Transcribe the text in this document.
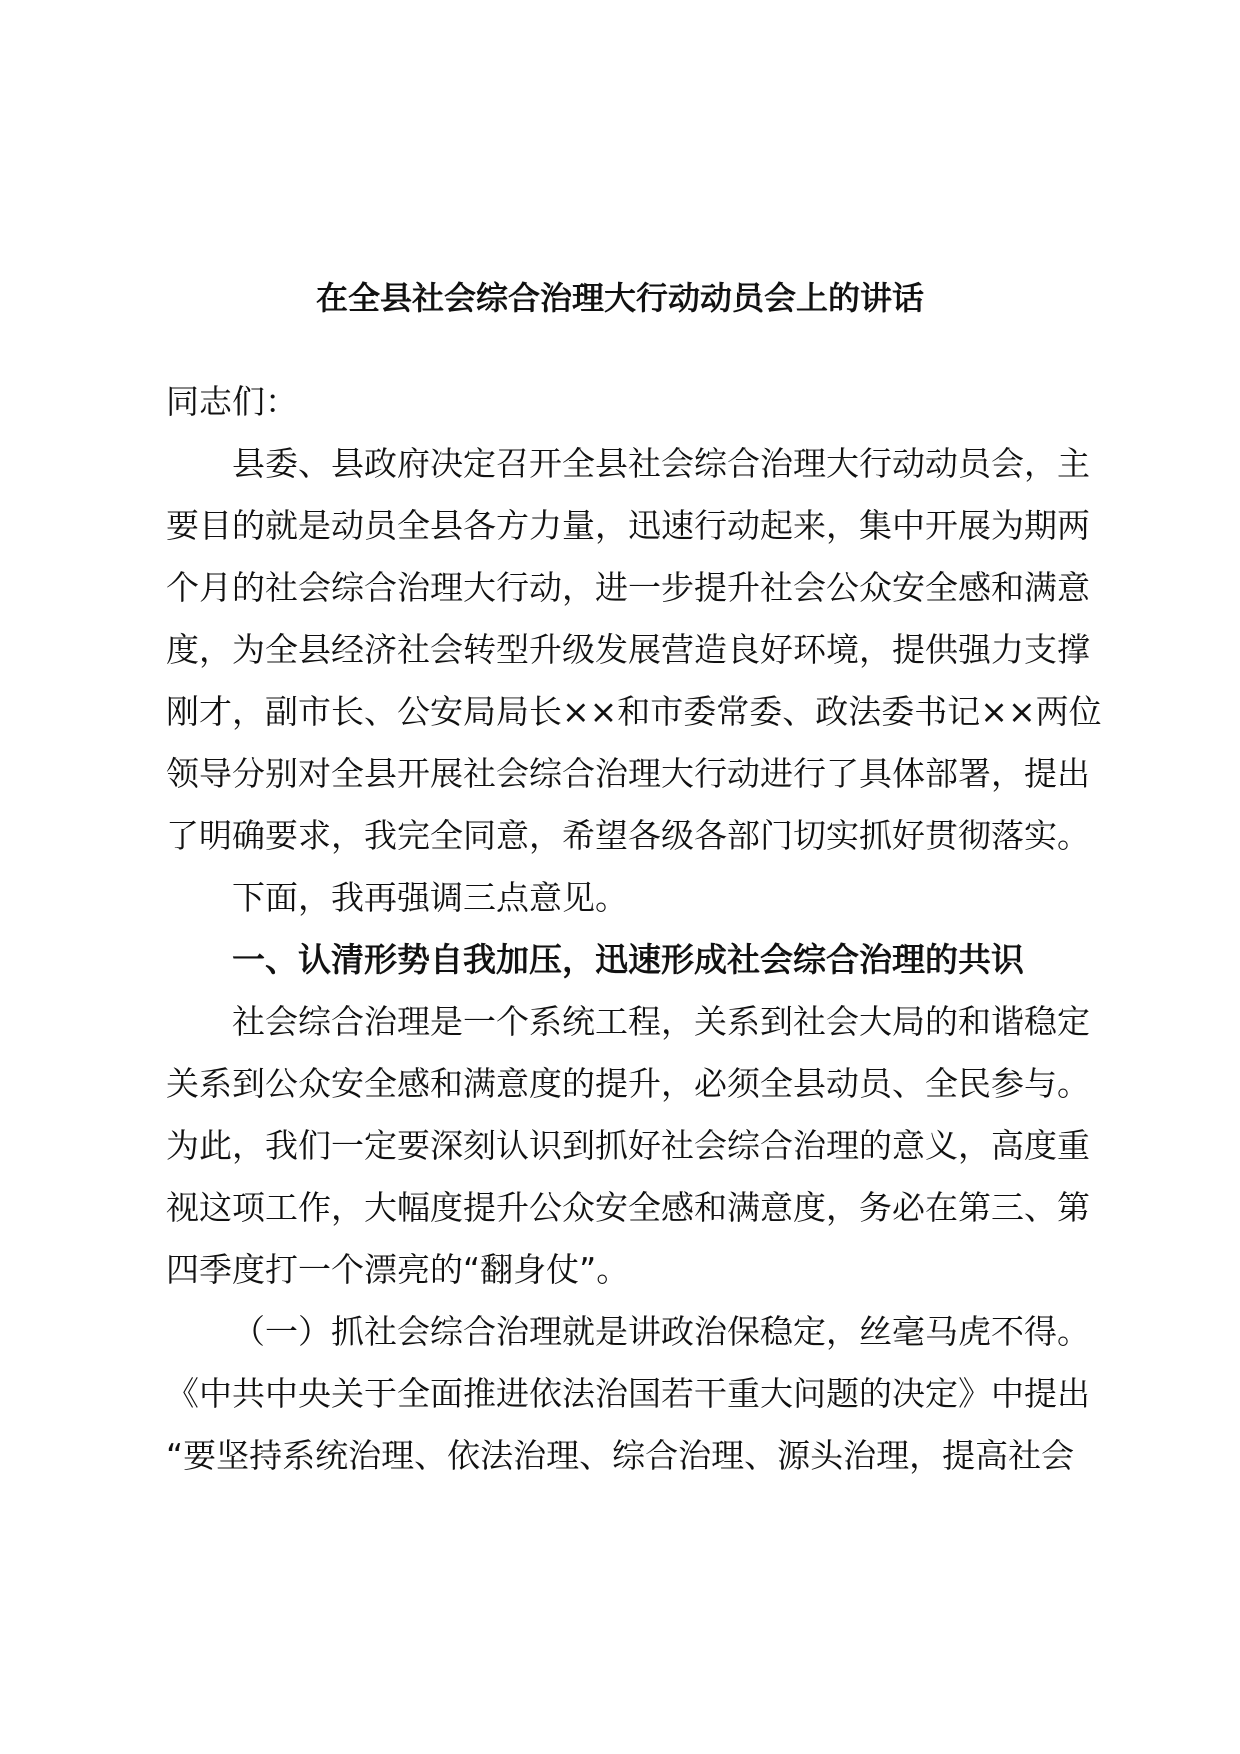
在全县社会综合治理大行动动员会上的讲话
同志们：
县委、县政府决定召开全县社会综合治理大行动动员会，主
要目的就是动员全县各方力量，迅速行动起来，集中开展为期两
个月的社会综合治理大行动，进一步提升社会公众安全感和满意
度，为全县经济社会转型升级发展营造良好环境，提供强力支撑
刚才，副市长、公安局局长××和市委常委、政法委书记××两位
领导分别对全县开展社会综合治理大行动进行了具体部署，提出
了明确要求，我完全同意，希望各级各部门切实抓好贯彻落实。
下面，我再强调三点意见。
一、认清形势自我加压，迅速形成社会综合治理的共识
社会综合治理是一个系统工程，关系到社会大局的和谐稳定
关系到公众安全感和满意度的提升，必须全县动员、全民参与。
为此，我们一定要深刻认识到抓好社会综合治理的意义，高度重
视这项工作，大幅度提升公众安全感和满意度，务必在第三、第
四季度打一个漂亮的“翻身仗”。
（一）抓社会综合治理就是讲政治保稳定，丝毫马虎不得。
《中共中央关于全面推进依法治国若干重大问题的决定》中提出
“要坚持系统治理、依法治理、综合治理、源头治理，提高社会
